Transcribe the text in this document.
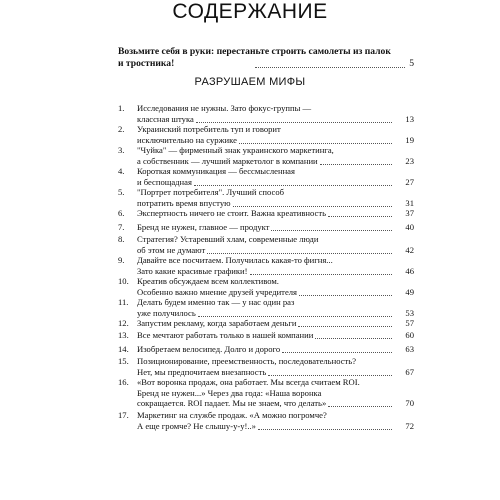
СОДЕРЖАНИЕ
Возьмите себя в руки: перестаньте строить самолеты из палок и тростника!	5
РАЗРУШАЕМ МИФЫ
1.	Исследования не нужны. Зато фокус-группы —
классная штука	13
2.	Украинский потребитель туп и говорит
исключительно на суржике	19
3.	"Чуйка" — фирменный знак украинского маркетинга,
а собственник — лучший маркетолог в компании	23
4.	Короткая коммуникация — бессмысленная
и беспощадная	27
5.	"Портрет потребителя". Лучший способ
потратить время впустую	31
6.	Экспертность ничего не стоит. Важна креативность	37
7.	Бренд не нужен, главное — продукт	40
8.	Стратегия? Устаревший хлам, современные люди
об этом не думают	42
9.	Давайте все посчитаем. Получилась какая-то фигня...
Зато какие красивые графики!	46
10. Креатив обсуждаем всем коллективом.
Особенно важно мнение друзей учредителя	49
11. Делать будем именно так — у нас один раз
уже получилось	53
12. Запустим рекламу, когда заработаем деньги	57
13. Все мечтают работать только в нашей компании	60
14. Изобретаем велосипед. Долго и дорого	63
15. Позиционирование, преемственность, последовательность?
Нет, мы предпочитаем внезапность	67
16. «Вот воронка продаж, она работает. Мы всегда считаем ROI.
Бренд не нужен...» Через два года: «Наша воронка
сокращается. ROI падает. Мы не знаем, что делать»	70
17. Маркетинг на службе продаж. «А можно погромче?
А еще громче? Не слышу-у-у!..»	72
